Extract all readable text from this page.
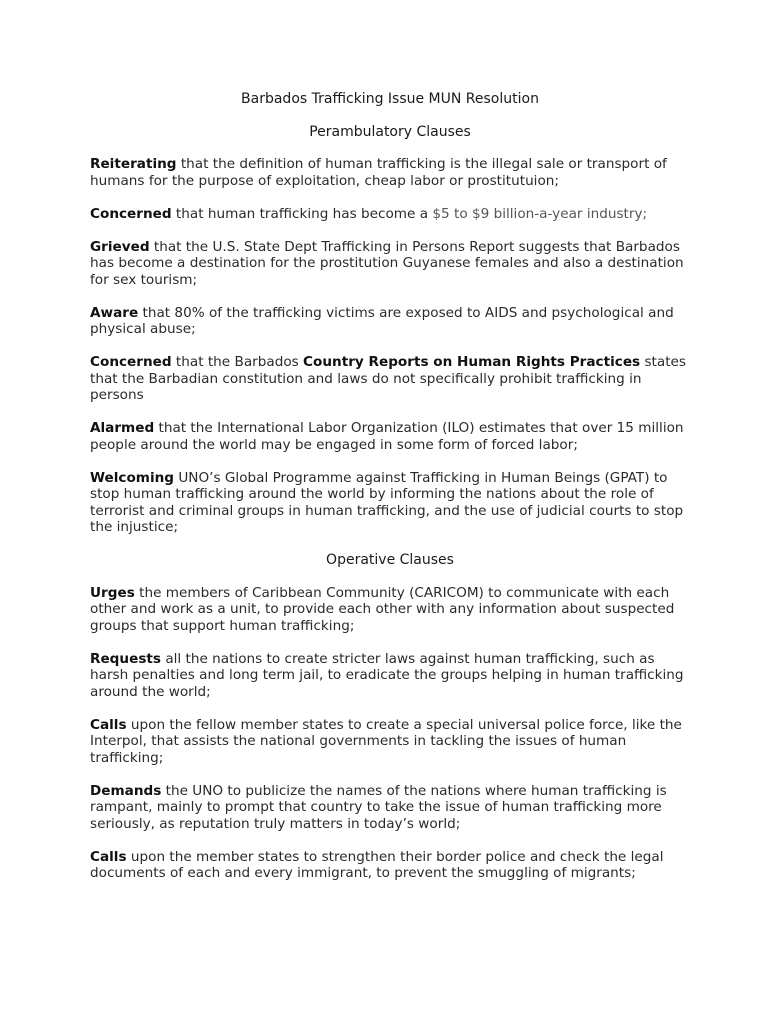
Barbados Trafficking Issue MUN Resolution
Perambulatory Clauses

Reiterating that the definition of human trafficking is the illegal sale or transport of humans for the purpose of exploitation, cheap labor or prostitutuion;

Concerned that human trafficking has become a $5 to $9 billion-a-year industry;

Grieved that the U.S. State Dept Trafficking in Persons Report suggests that Barbados has become a destination for the prostitution Guyanese females and also a destination for sex tourism;

Aware that 80% of the trafficking victims are exposed to AIDS and psychological and physical abuse;

Concerned that the Barbados Country Reports on Human Rights Practices states that the Barbadian constitution and laws do not specifically prohibit trafficking in persons

Alarmed that the International Labor Organization (ILO) estimates that over 15 million people around the world may be engaged in some form of forced labor;

Welcoming UNO’s Global Programme against Trafficking in Human Beings (GPAT) to stop human trafficking around the world by informing the nations about the role of terrorist and criminal groups in human trafficking, and the use of judicial courts to stop the injustice;

Operative Clauses

Urges the members of Caribbean Community (CARICOM) to communicate with each other and work as a unit, to provide each other with any information about suspected groups that support human trafficking;

Requests all the nations to create stricter laws against human trafficking, such as harsh penalties and long term jail, to eradicate the groups helping in human trafficking around the world;

Calls upon the fellow member states to create a special universal police force, like the Interpol, that assists the national governments in tackling the issues of human trafficking;

Demands the UNO to publicize the names of the nations where human trafficking is rampant, mainly to prompt that country to take the issue of human trafficking more seriously, as reputation truly matters in today’s world;

Calls upon the member states to strengthen their border police and check the legal documents of each and every immigrant, to prevent the smuggling of migrants;
